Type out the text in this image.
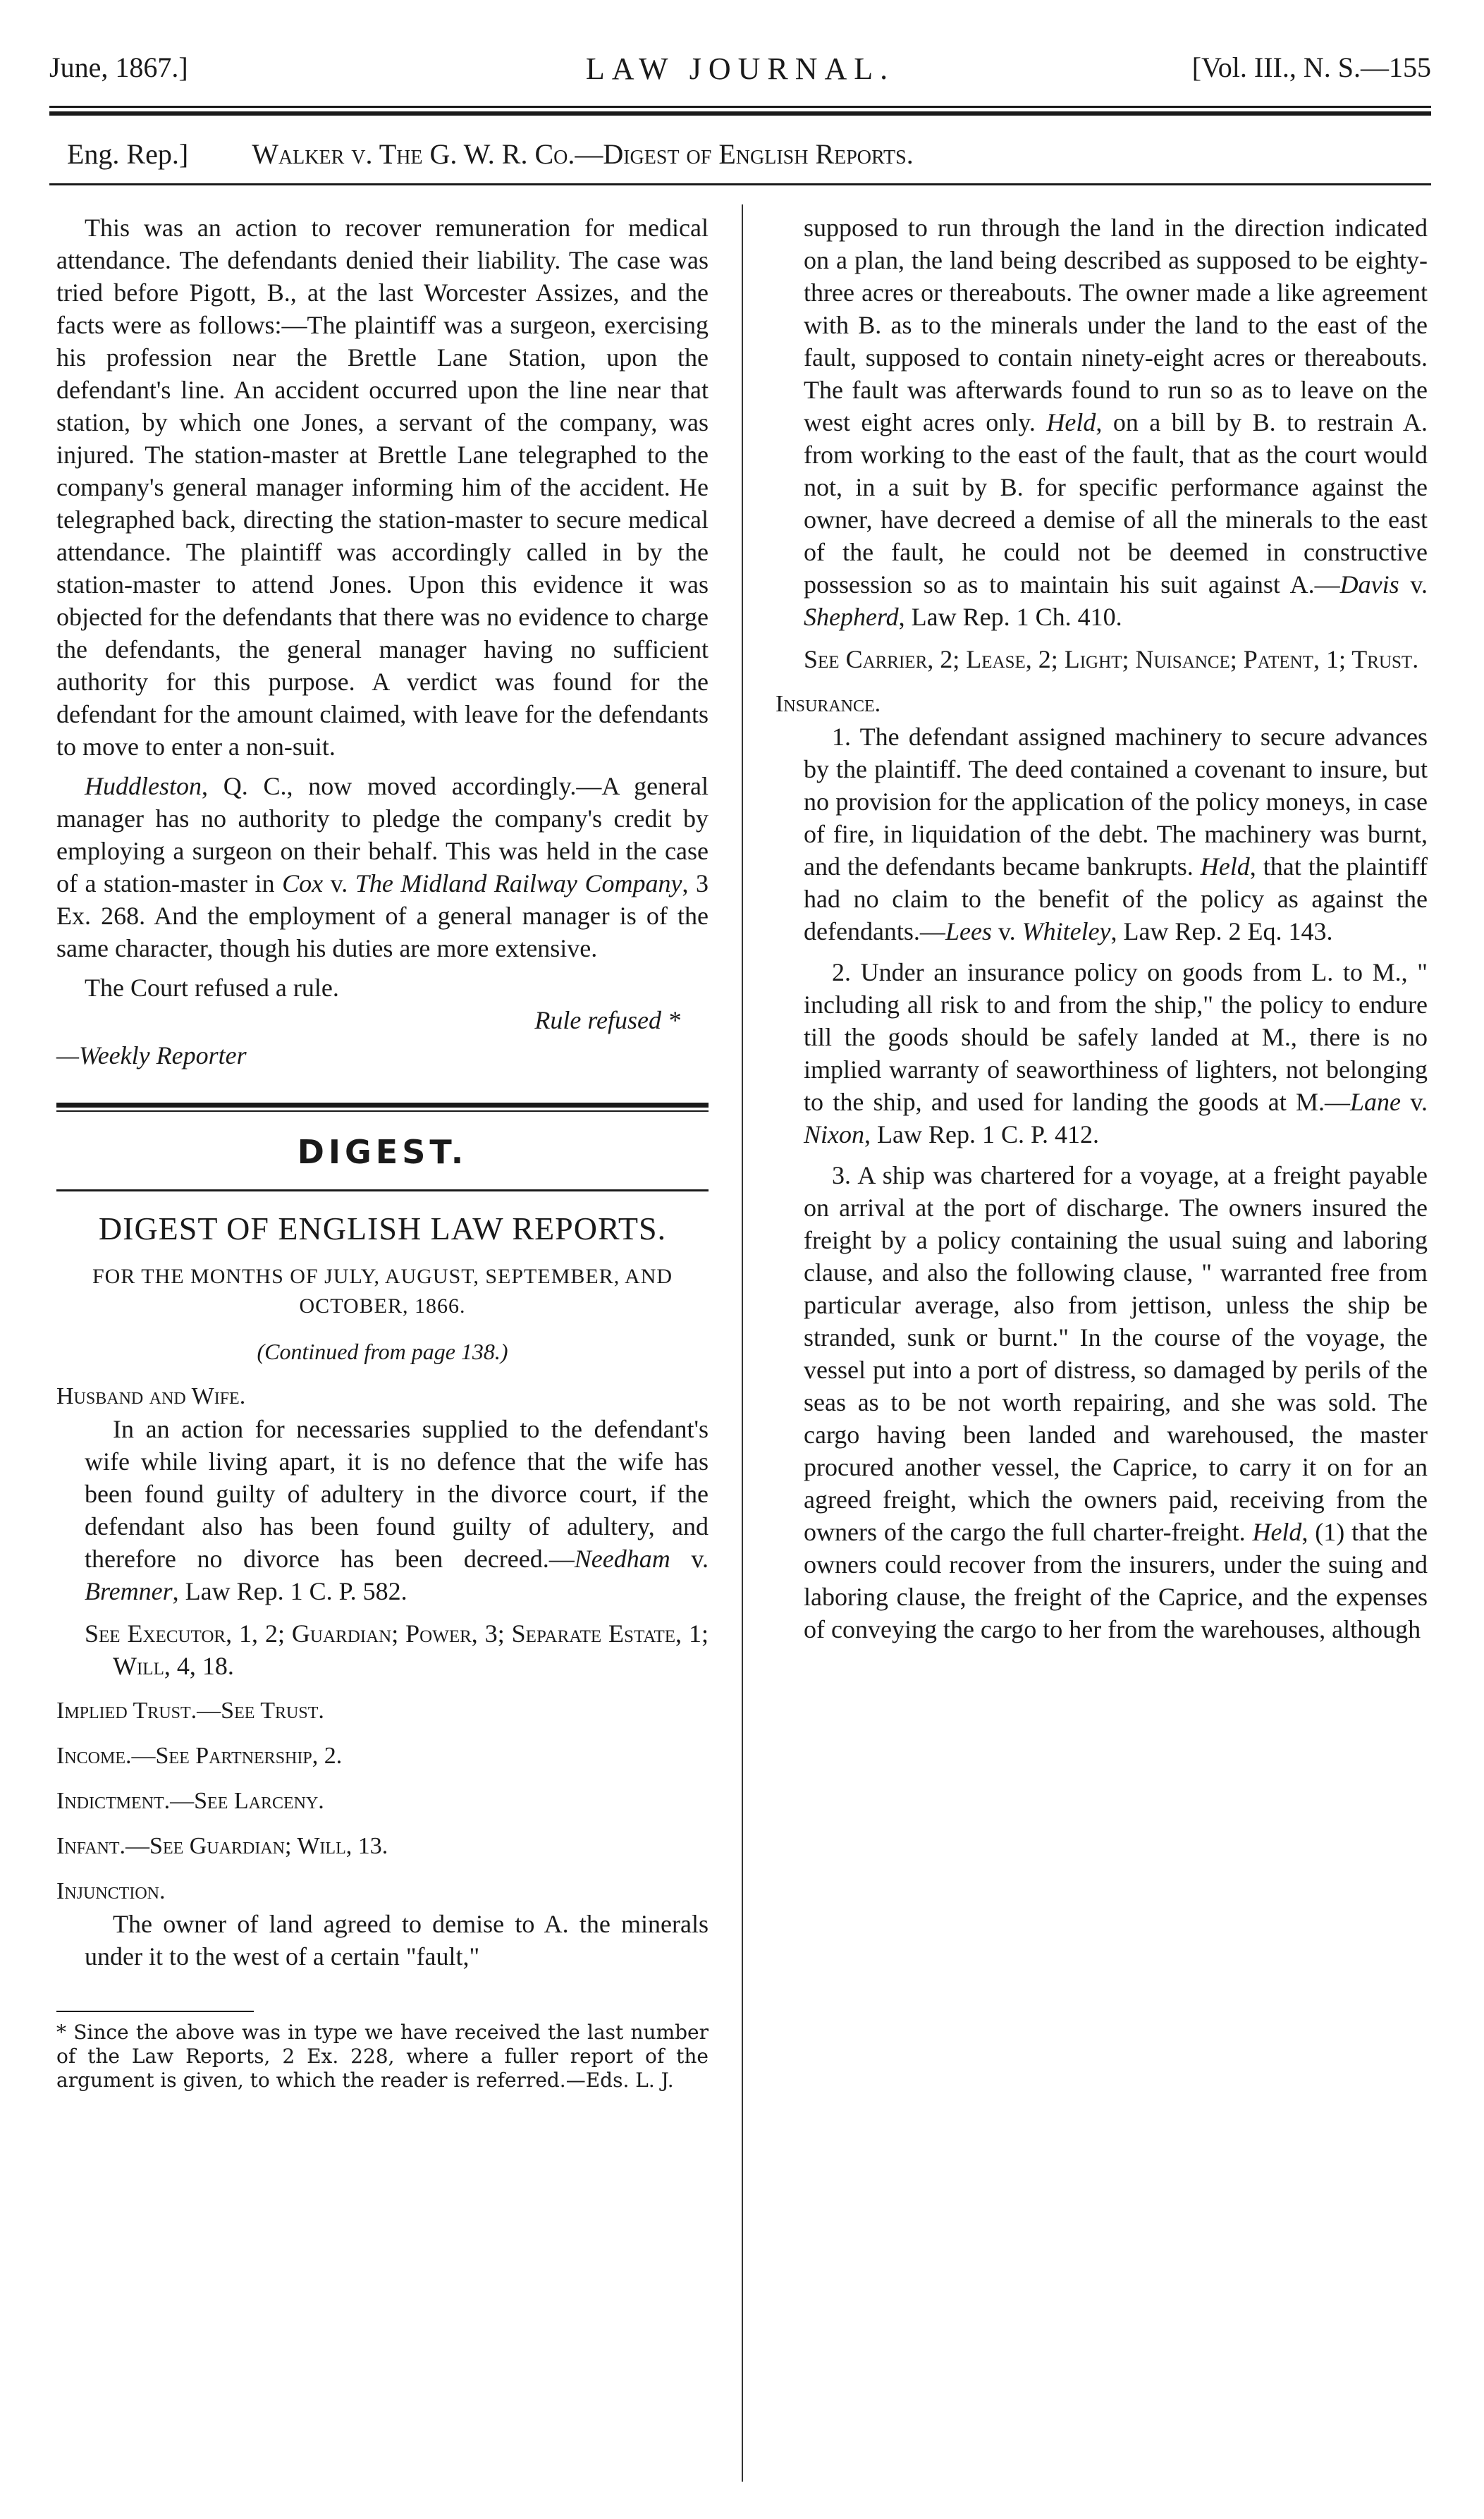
June, 1867.]	LAW JOURNAL.	[Vol. III., N. S.—155
Eng. Rep.] Walker v. The G. W. R. Co.—Digest of English Reports.

This was an action to recover remuneration for medical attendance. The defendants denied their liability. The case was tried before Pigott, B., at the last Worcester Assizes, and the facts were as follows:—The plaintiff was a surgeon, exercising his profession near the Brettle Lane Station, upon the defendant's line. An accident occurred upon the line near that station, by which one Jones, a servant of the company, was injured. The station-master at Brettle Lane telegraphed to the company's general manager informing him of the accident. He telegraphed back, directing the station-master to secure medical attendance. The plaintiff was accordingly called in by the station-master to attend Jones. Upon this evidence it was objected for the defendants that there was no evidence to charge the defendants, the general manager having no sufficient authority for this purpose. A verdict was found for the defendant for the amount claimed, with leave for the defendants to move to enter a non-suit.

Huddleston, Q. C., now moved accordingly.—A general manager has no authority to pledge the company's credit by employing a surgeon on their behalf. This was held in the case of a station-master in Cox v. The Midland Railway Company, 3 Ex. 268. And the employment of a general manager is of the same character, though his duties are more extensive.

The Court refused a rule.

Rule refused *

—Weekly Reporter

DIGEST.

DIGEST OF ENGLISH LAW REPORTS.

FOR THE MONTHS OF JULY, AUGUST, SEPTEMBER, AND OCTOBER, 1866.

(Continued from page 138.)

Husband and Wife.

In an action for necessaries supplied to the defendant's wife while living apart, it is no defence that the wife has been found guilty of adultery in the divorce court, if the defendant also has been found guilty of adultery, and therefore no divorce has been decreed.—Needham v. Bremner, Law Rep. 1 C. P. 582.

See Executor, 1, 2; Guardian; Power, 3; Separate Estate, 1; Will, 4, 18.

Implied Trust.—See Trust.

Income.—See Partnership, 2.

Indictment.—See Larceny.

Infant.—See Guardian; Will, 13.

Injunction.

The owner of land agreed to demise to A. the minerals under it to the west of a certain "fault,"

* Since the above was in type we have received the last number of the Law Reports, 2 Ex. 228, where a fuller report of the argument is given, to which the reader is referred.—Eds. L. J.

supposed to run through the land in the direction indicated on a plan, the land being described as supposed to be eighty-three acres or thereabouts. The owner made a like agreement with B. as to the minerals under the land to the east of the fault, supposed to contain ninety-eight acres or thereabouts. The fault was afterwards found to run so as to leave on the west eight acres only. Held, on a bill by B. to restrain A. from working to the east of the fault, that as the court would not, in a suit by B. for specific performance against the owner, have decreed a demise of all the minerals to the east of the fault, he could not be deemed in constructive possession so as to maintain his suit against A.—Davis v. Shepherd, Law Rep. 1 Ch. 410.

See Carrier, 2; Lease, 2; Light; Nuisance; Patent, 1; Trust.

Insurance.

1. The defendant assigned machinery to secure advances by the plaintiff. The deed contained a covenant to insure, but no provision for the application of the policy moneys, in case of fire, in liquidation of the debt. The machinery was burnt, and the defendants became bankrupts. Held, that the plaintiff had no claim to the benefit of the policy as against the defendants.—Lees v. Whiteley, Law Rep. 2 Eq. 143.

2. Under an insurance policy on goods from L. to M., " including all risk to and from the ship," the policy to endure till the goods should be safely landed at M., there is no implied warranty of seaworthiness of lighters, not belonging to the ship, and used for landing the goods at M.—Lane v. Nixon, Law Rep. 1 C. P. 412.

3. A ship was chartered for a voyage, at a freight payable on arrival at the port of discharge. The owners insured the freight by a policy containing the usual suing and laboring clause, and also the following clause, " warranted free from particular average, also from jettison, unless the ship be stranded, sunk or burnt." In the course of the voyage, the vessel put into a port of distress, so damaged by perils of the seas as to be not worth repairing, and she was sold. The cargo having been landed and warehoused, the master procured another vessel, the Caprice, to carry it on for an agreed freight, which the owners paid, receiving from the owners of the cargo the full charter-freight. Held, (1) that the owners could recover from the insurers, under the suing and laboring clause, the freight of the Caprice, and the expenses of conveying the cargo to her from the warehouses, although
